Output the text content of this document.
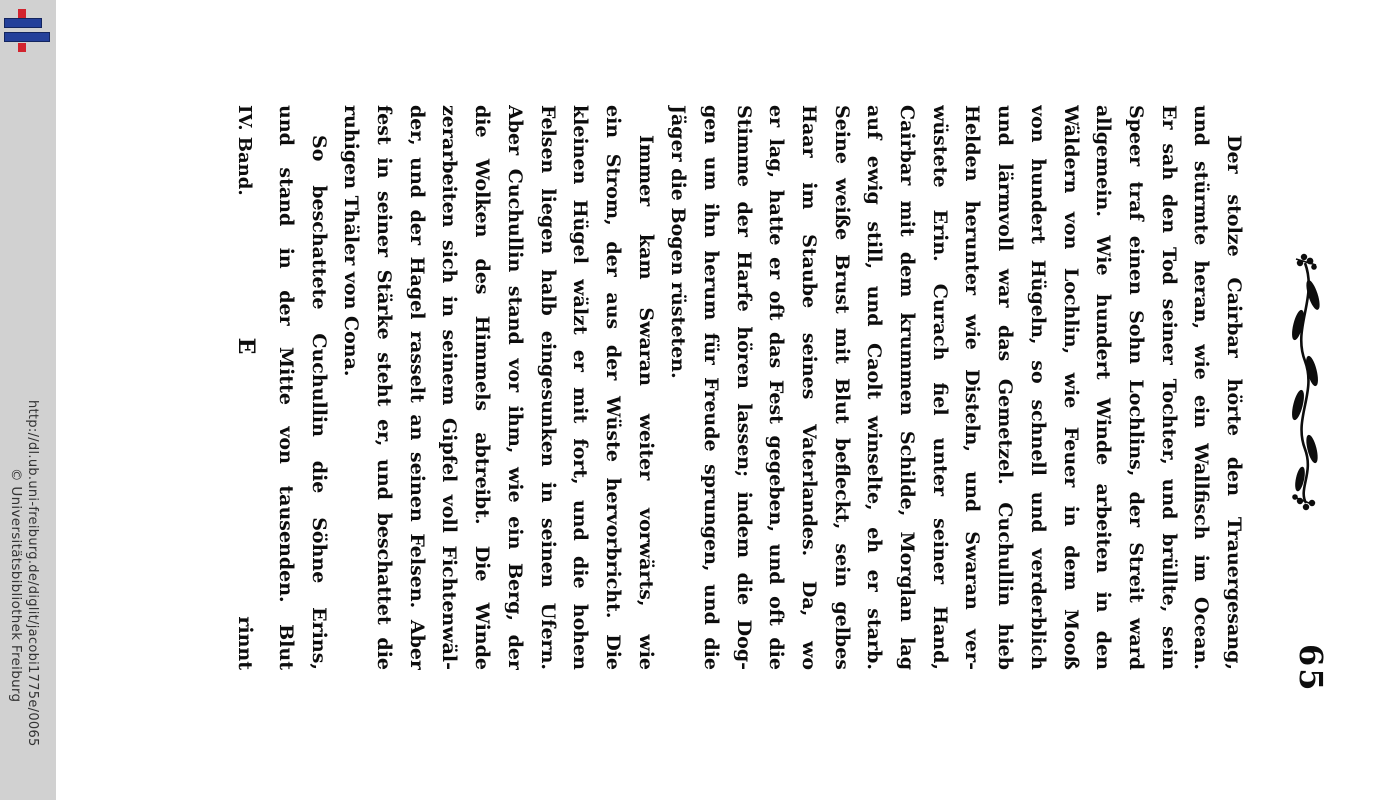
65
Der stolze Cairbar hörte den Trauergesang,
und stürmte heran, wie ein Wallfisch im Ocean.
Er sah den Tod seiner Tochter, und brüllte, sein
Speer traf einen Sohn Lochlins, der Streit ward
allgemein. Wie hundert Winde arbeiten in den
Wäldern von Lochlin, wie Feuer in dem Mooß
von hundert Hügeln, so schnell und verderblich
und lärmvoll war das Gemetzel. Cuchullin hieb
Helden herunter wie Disteln, und Swaran ver-
wüstete Erin. Curach fiel unter seiner Hand,
Cairbar mit dem krummen Schilde, Morglan lag
auf ewig still, und Caolt winselte, eh er starb.
Seine weiße Brust mit Blut befleckt, sein gelbes
Haar im Staube seines Vaterlandes. Da, wo
er lag, hatte er oft das Fest gegeben, und oft die
Stimme der Harfe hören lassen; indem die Dog-
gen um ihn herum für Freude sprungen, und die
Jäger die Bogen rüsteten.
Immer kam Swaran weiter vorwärts, wie
ein Strom, der aus der Wüste hervorbricht. Die
kleinen Hügel wälzt er mit fort, und die hohen
Felsen liegen halb eingesunken in seinen Ufern.
Aber Cuchullin stand vor ihm, wie ein Berg, der
die Wolken des Himmels abtreibt. Die Winde
zerarbeiten sich in seinem Gipfel voll Fichtenwäl-
der, und der Hagel rasselt an seinen Felsen. Aber
fest in seiner Stärke steht er, und beschattet die
ruhigen Thäler von Cona.
So beschattete Cuchullin die Söhne Erins,
und stand in der Mitte von tausenden. Blut
IV. Band.
E
rinnt
http://dl.ub.uni-freiburg.de/diglit/jacobi1775e/0065
© Universitätsbibliothek Freiburg
